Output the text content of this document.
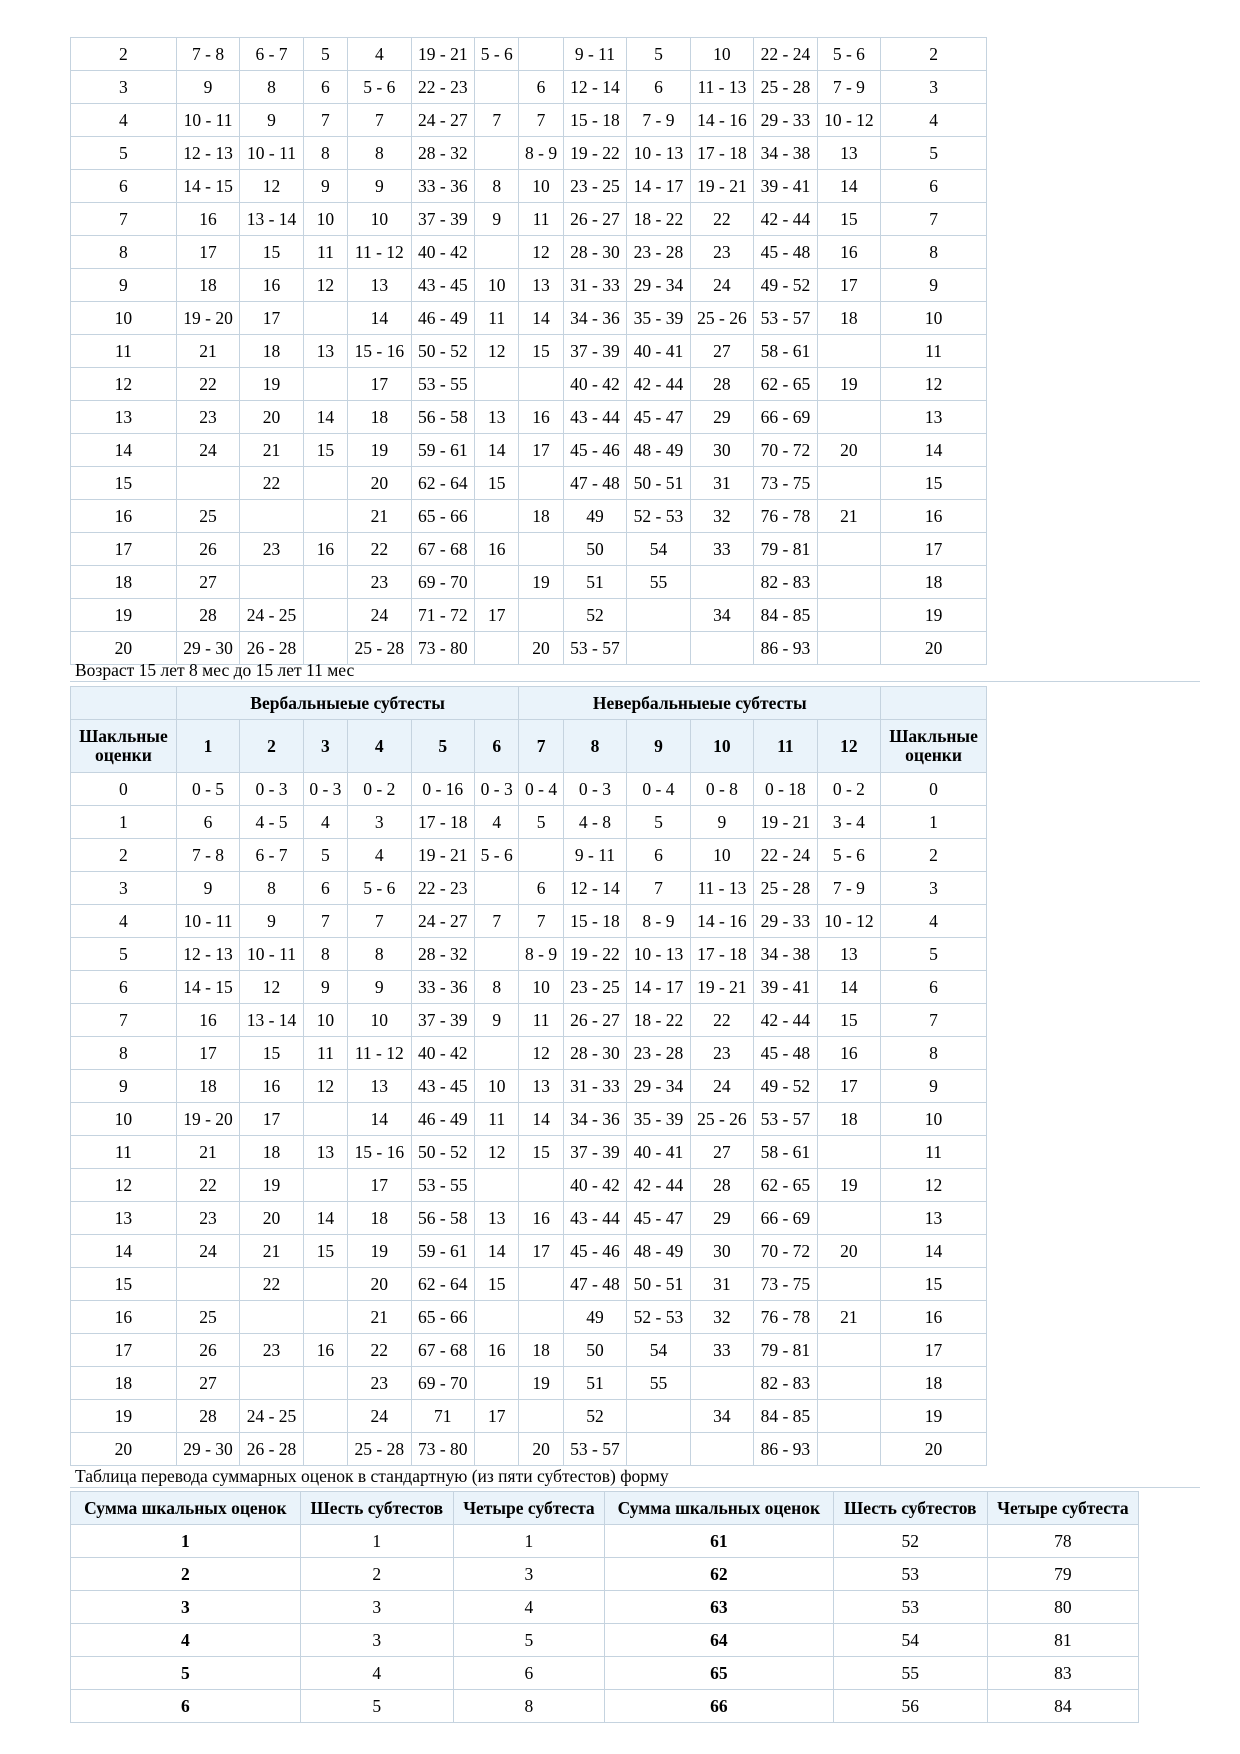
2	7 - 8	6 - 7	5	4	19 - 21	5 - 6		9 - 11	5	10	22 - 24	5 - 6	2
3	9	8	6	5 - 6	22 - 23		6	12 - 14	6	11 - 13	25 - 28	7 - 9	3
4	10 - 11	9	7	7	24 - 27	7	7	15 - 18	7 - 9	14 - 16	29 - 33	10 - 12	4
5	12 - 13	10 - 11	8	8	28 - 32		8 - 9	19 - 22	10 - 13	17 - 18	34 - 38	13	5
6	14 - 15	12	9	9	33 - 36	8	10	23 - 25	14 - 17	19 - 21	39 - 41	14	6
7	16	13 - 14	10	10	37 - 39	9	11	26 - 27	18 - 22	22	42 - 44	15	7
8	17	15	11	11 - 12	40 - 42		12	28 - 30	23 - 28	23	45 - 48	16	8
9	18	16	12	13	43 - 45	10	13	31 - 33	29 - 34	24	49 - 52	17	9
10	19 - 20	17		14	46 - 49	11	14	34 - 36	35 - 39	25 - 26	53 - 57	18	10
11	21	18	13	15 - 16	50 - 52	12	15	37 - 39	40 - 41	27	58 - 61		11
12	22	19		17	53 - 55			40 - 42	42 - 44	28	62 - 65	19	12
13	23	20	14	18	56 - 58	13	16	43 - 44	45 - 47	29	66 - 69		13
14	24	21	15	19	59 - 61	14	17	45 - 46	48 - 49	30	70 - 72	20	14
15		22		20	62 - 64	15		47 - 48	50 - 51	31	73 - 75		15
16	25			21	65 - 66		18	49	52 - 53	32	76 - 78	21	16
17	26	23	16	22	67 - 68	16		50	54	33	79 - 81		17
18	27			23	69 - 70		19	51	55		82 - 83		18
19	28	24 - 25		24	71 - 72	17		52		34	84 - 85		19
20	29 - 30	26 - 28		25 - 28	73 - 80		20	53 - 57			86 - 93		20
Возраст 15 лет 8 мес до 15 лет 11 мес
	Вербальныеые субтесты						Невербальныеые субтесты						
Шакльные оценки	1	2	3	4	5	6	7	8	9	10	11	12	Шакльные оценки
0	0 - 5	0 - 3	0 - 3	0 - 2	0 - 16	0 - 3	0 - 4	0 - 3	0 - 4	0 - 8	0 - 18	0 - 2	0
1	6	4 - 5	4	3	17 - 18	4	5	4 - 8	5	9	19 - 21	3 - 4	1
2	7 - 8	6 - 7	5	4	19 - 21	5 - 6		9 - 11	6	10	22 - 24	5 - 6	2
3	9	8	6	5 - 6	22 - 23		6	12 - 14	7	11 - 13	25 - 28	7 - 9	3
4	10 - 11	9	7	7	24 - 27	7	7	15 - 18	8 - 9	14 - 16	29 - 33	10 - 12	4
5	12 - 13	10 - 11	8	8	28 - 32		8 - 9	19 - 22	10 - 13	17 - 18	34 - 38	13	5
6	14 - 15	12	9	9	33 - 36	8	10	23 - 25	14 - 17	19 - 21	39 - 41	14	6
7	16	13 - 14	10	10	37 - 39	9	11	26 - 27	18 - 22	22	42 - 44	15	7
8	17	15	11	11 - 12	40 - 42		12	28 - 30	23 - 28	23	45 - 48	16	8
9	18	16	12	13	43 - 45	10	13	31 - 33	29 - 34	24	49 - 52	17	9
10	19 - 20	17		14	46 - 49	11	14	34 - 36	35 - 39	25 - 26	53 - 57	18	10
11	21	18	13	15 - 16	50 - 52	12	15	37 - 39	40 - 41	27	58 - 61		11
12	22	19		17	53 - 55			40 - 42	42 - 44	28	62 - 65	19	12
13	23	20	14	18	56 - 58	13	16	43 - 44	45 - 47	29	66 - 69		13
14	24	21	15	19	59 - 61	14	17	45 - 46	48 - 49	30	70 - 72	20	14
15		22		20	62 - 64	15		47 - 48	50 - 51	31	73 - 75		15
16	25			21	65 - 66			49	52 - 53	32	76 - 78	21	16
17	26	23	16	22	67 - 68	16	18	50	54	33	79 - 81		17
18	27			23	69 - 70		19	51	55		82 - 83		18
19	28	24 - 25		24	71	17		52		34	84 - 85		19
20	29 - 30	26 - 28		25 - 28	73 - 80		20	53 - 57			86 - 93		20
Таблица перевода суммарных оценок в стандартную (из пяти субтестов) форму
Сумма шкальных оценок	Шесть субтестов	Четыре субтеста	Сумма шкальных оценок	Шесть субтестов	Четыре субтеста
1	1	1	61	52	78
2	2	3	62	53	79
3	3	4	63	53	80
4	3	5	64	54	81
5	4	6	65	55	83
6	5	8	66	56	84
